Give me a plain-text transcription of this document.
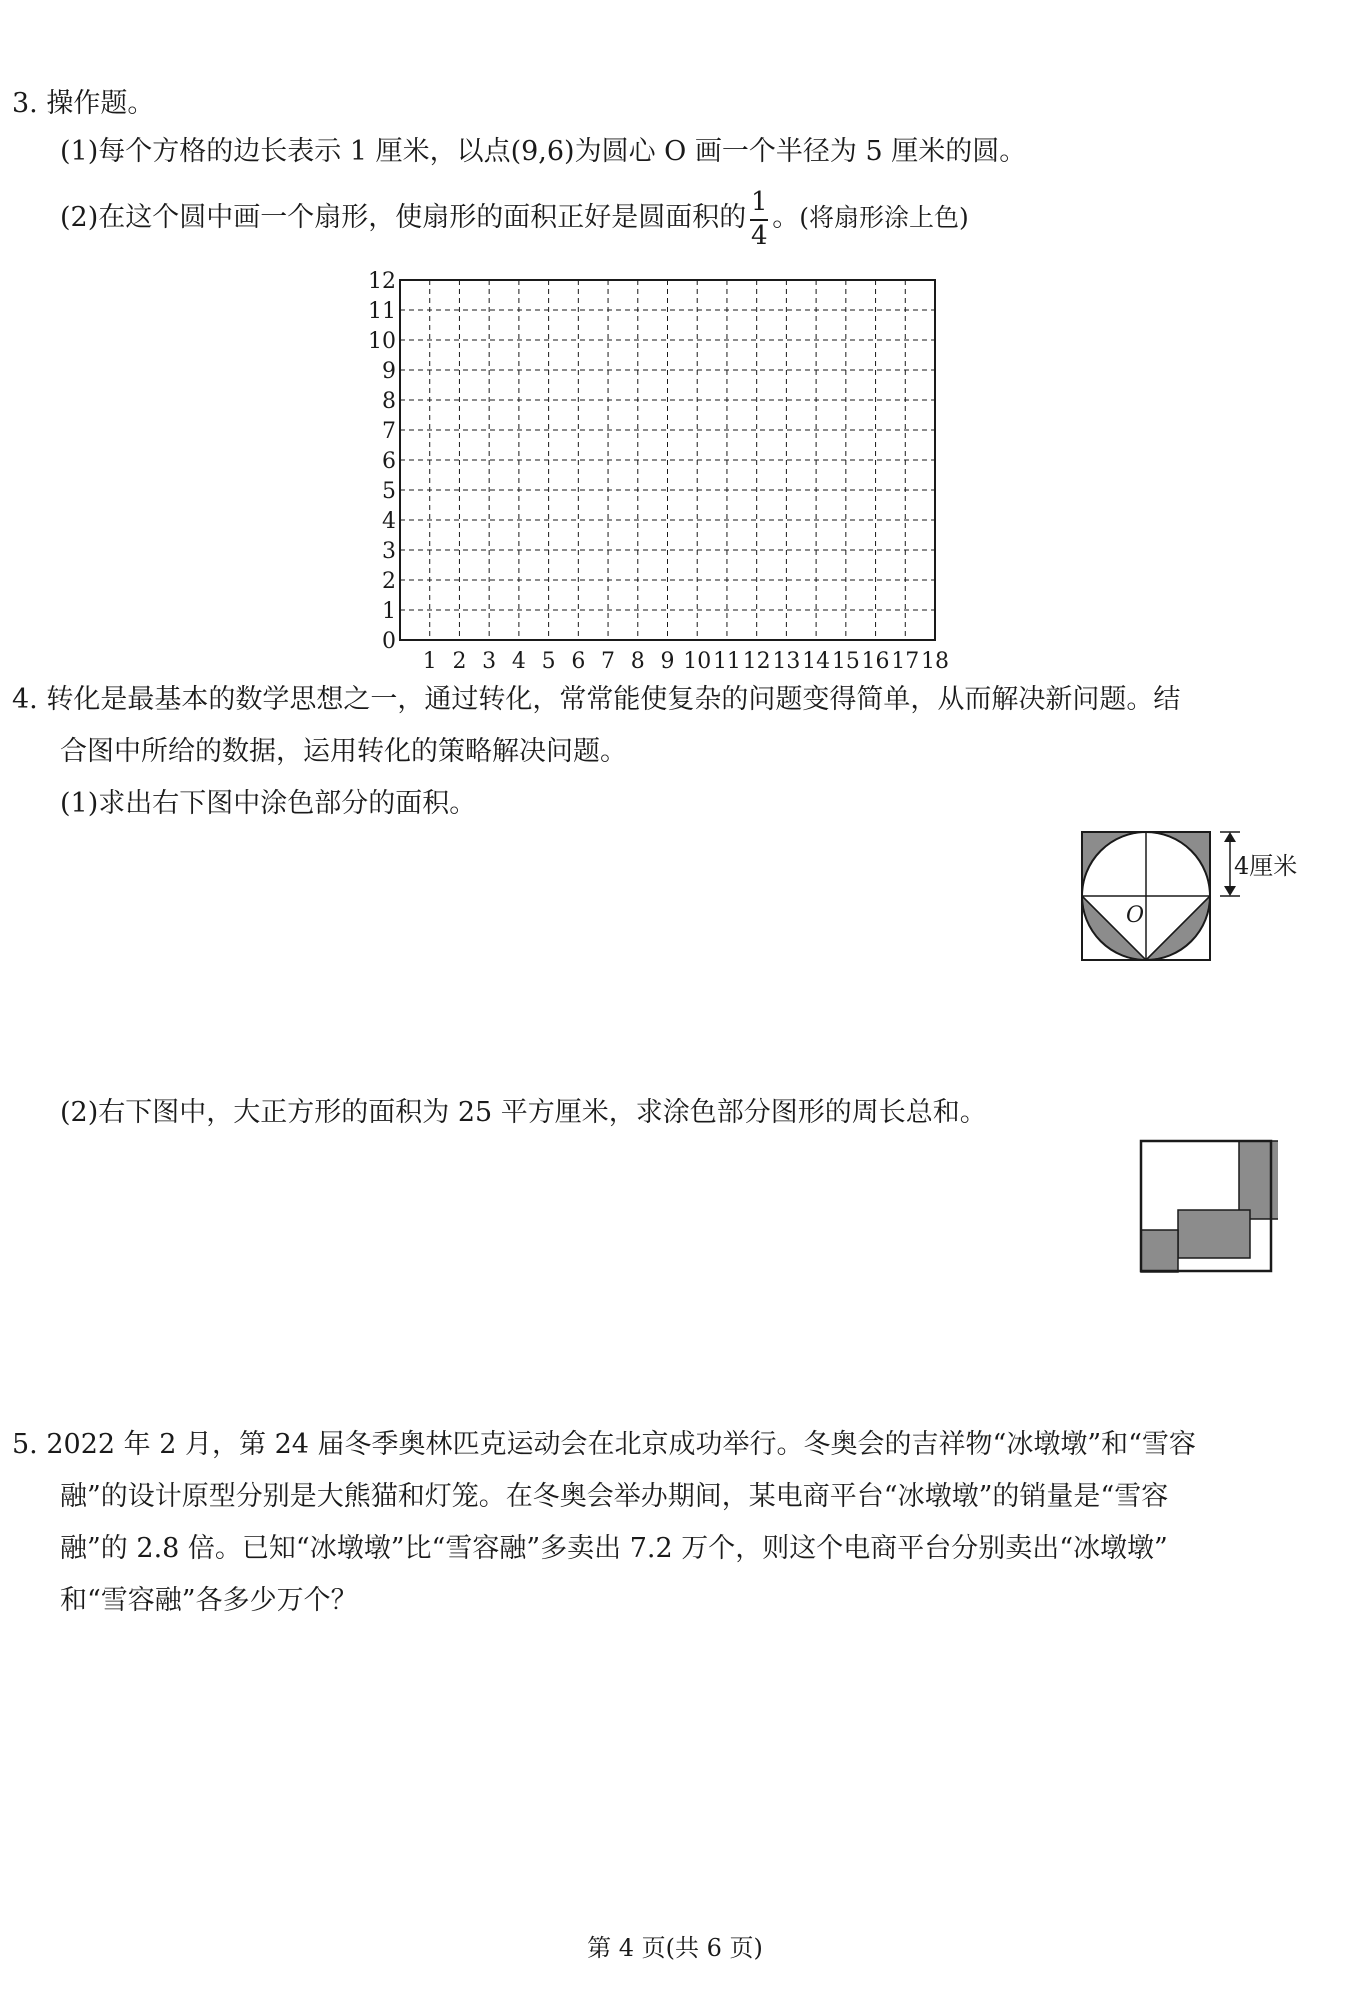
3. 操作题。
(1)每个方格的边长表示 1 厘米，以点(9,6)为圆心 O 画一个半径为 5 厘米的圆。
(2)在这个圆中画一个扇形，使扇形的面积正好是圆面积的 $\frac{1}{4}$ 。(将扇形涂上色)
1 2 3 4 5 6 7 8 9 10 11 12 13 14 15 16 17 18
1
2
3
4
5
6
7
8
9
10
11
12
0
4. 转化是最基本的数学思想之一，通过转化，常常能使复杂的问题变得简单，从而解决新问题。结
合图中所给的数据，运用转化的策略解决问题。
(1)求出右下图中涂色部分的面积。
O
4厘米
(2)右下图中，大正方形的面积为 25 平方厘米，求涂色部分图形的周长总和。
5. 2022 年 2 月，第 24 届冬季奥林匹克运动会在北京成功举行。冬奥会的吉祥物“冰墩墩”和“雪容
融”的设计原型分别是大熊猫和灯笼。在冬奥会举办期间，某电商平台“冰墩墩”的销量是“雪容
融”的 2.8 倍。已知“冰墩墩”比“雪容融”多卖出 7.2 万个，则这个电商平台分别卖出“冰墩墩”
和“雪容融”各多少万个？
第 4 页(共 6 页)
